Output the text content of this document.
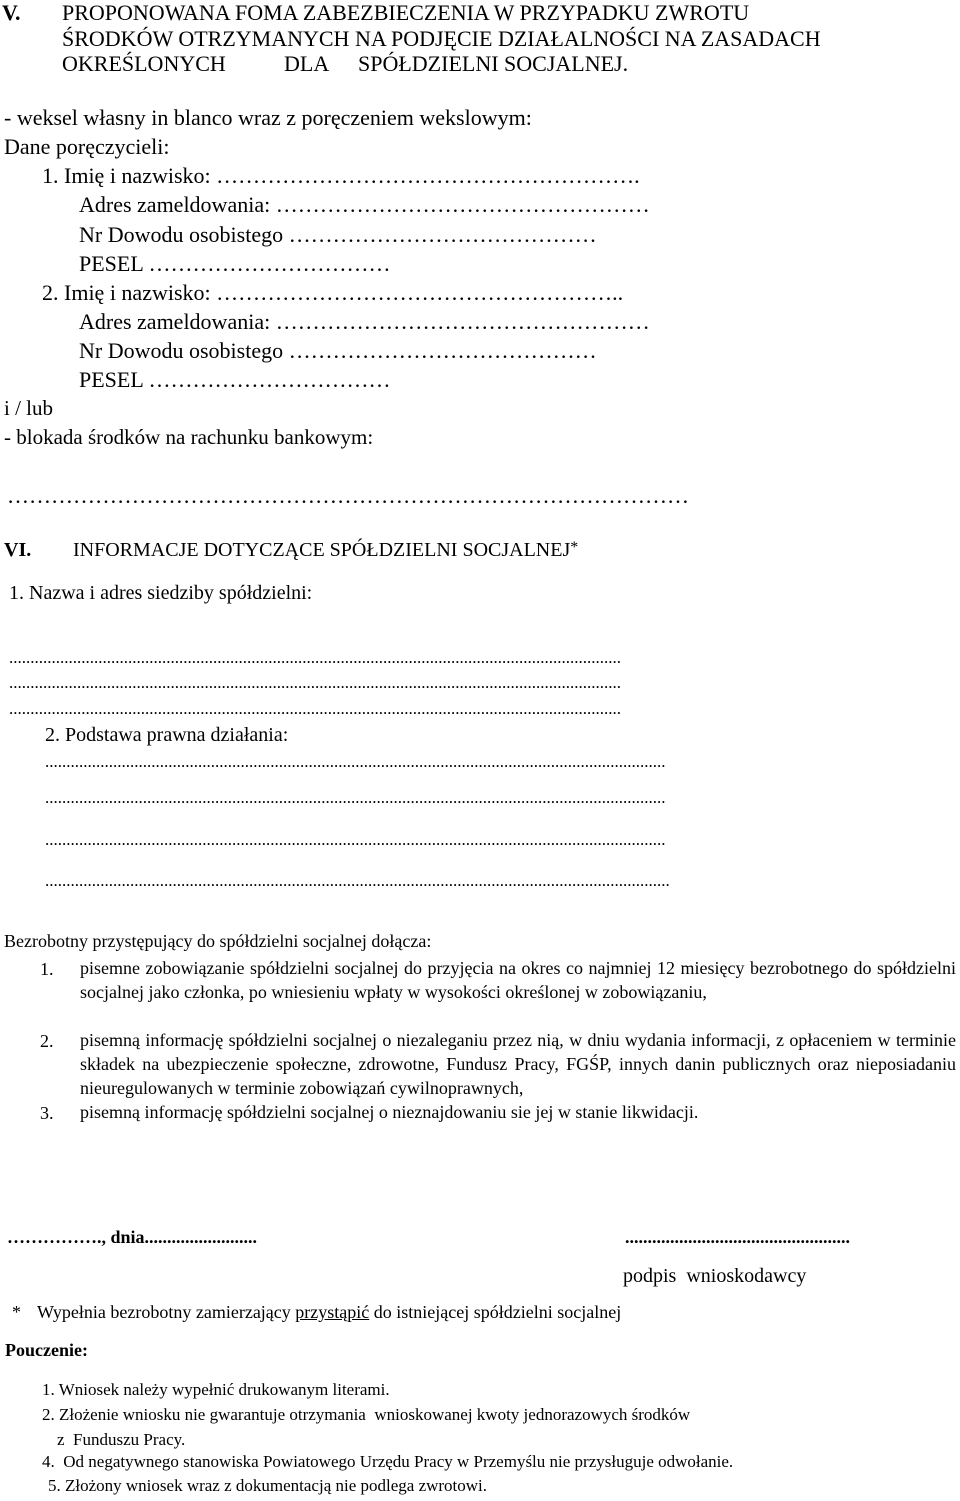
V. PROPONOWANA FOMA ZABEZBIECZENIA W PRZYPADKU ZWROTU
ŚRODKÓW OTRZYMANYCH NA PODJĘCIE DZIAŁALNOŚCI NA ZASADACH
OKREŚLONYCH	DLA SPÓŁDZIELNI SOCJALNEJ.
- weksel własny in blanco wraz z poręczeniem wekslowym:
Dane poręczycieli:
1. Imię i nazwisko: ………………………………………………….
Adres zameldowania: ……………………………………………
Nr Dowodu osobistego ……………………………………
PESEL ……………………………
2. Imię i nazwisko: ………………………………………………..
Adres zameldowania: ……………………………………………
Nr Dowodu osobistego ……………………………………
PESEL ……………………………
i / lub
- blokada środków na rachunku bankowym:
…………………………………………………………………………………
VI. INFORMACJE DOTYCZĄCE SPÓŁDZIELNI SOCJALNEJ*
1. Nazwa i adres siedziby spółdzielni:
................................................................................................................................................
................................................................................................................................................
................................................................................................................................................
2. Podstawa prawna działania:
..................................................................................................................................................
..................................................................................................................................................
..................................................................................................................................................
...................................................................................................................................................
Bezrobotny przystępujący do spółdzielni socjalnej dołącza:
1. pisemne zobowiązanie spółdzielni socjalnej do przyjęcia na okres co najmniej 12 miesięcy bezrobotnego do spółdzielni socjalnej jako członka, po wniesieniu wpłaty w wysokości określonej w zobowiązaniu,
2. pisemną informację spółdzielni socjalnej o niezaleganiu przez nią, w dniu wydania informacji, z opłaceniem w terminie składek na ubezpieczenie społeczne, zdrowotne, Fundusz Pracy, FGŚP, innych danin publicznych oraz nieposiadaniu nieuregulowanych w terminie zobowiązań cywilnoprawnych,
3. pisemną informację spółdzielni socjalnej o nieznajdowaniu sie jej w stanie likwidacji.
……………., dnia.........................	..................................................
podpis  wnioskodawcy
* Wypełnia bezrobotny zamierzający przystąpić do istniejącej spółdzielni socjalnej
Pouczenie:
1. Wniosek należy wypełnić drukowanym literami.
2. Złożenie wniosku nie gwarantuje otrzymania  wnioskowanej kwoty jednorazowych środków
z  Funduszu Pracy.
4.  Od negatywnego stanowiska Powiatowego Urzędu Pracy w Przemyślu nie przysługuje odwołanie.
5. Złożony wniosek wraz z dokumentacją nie podlega zwrotowi.
